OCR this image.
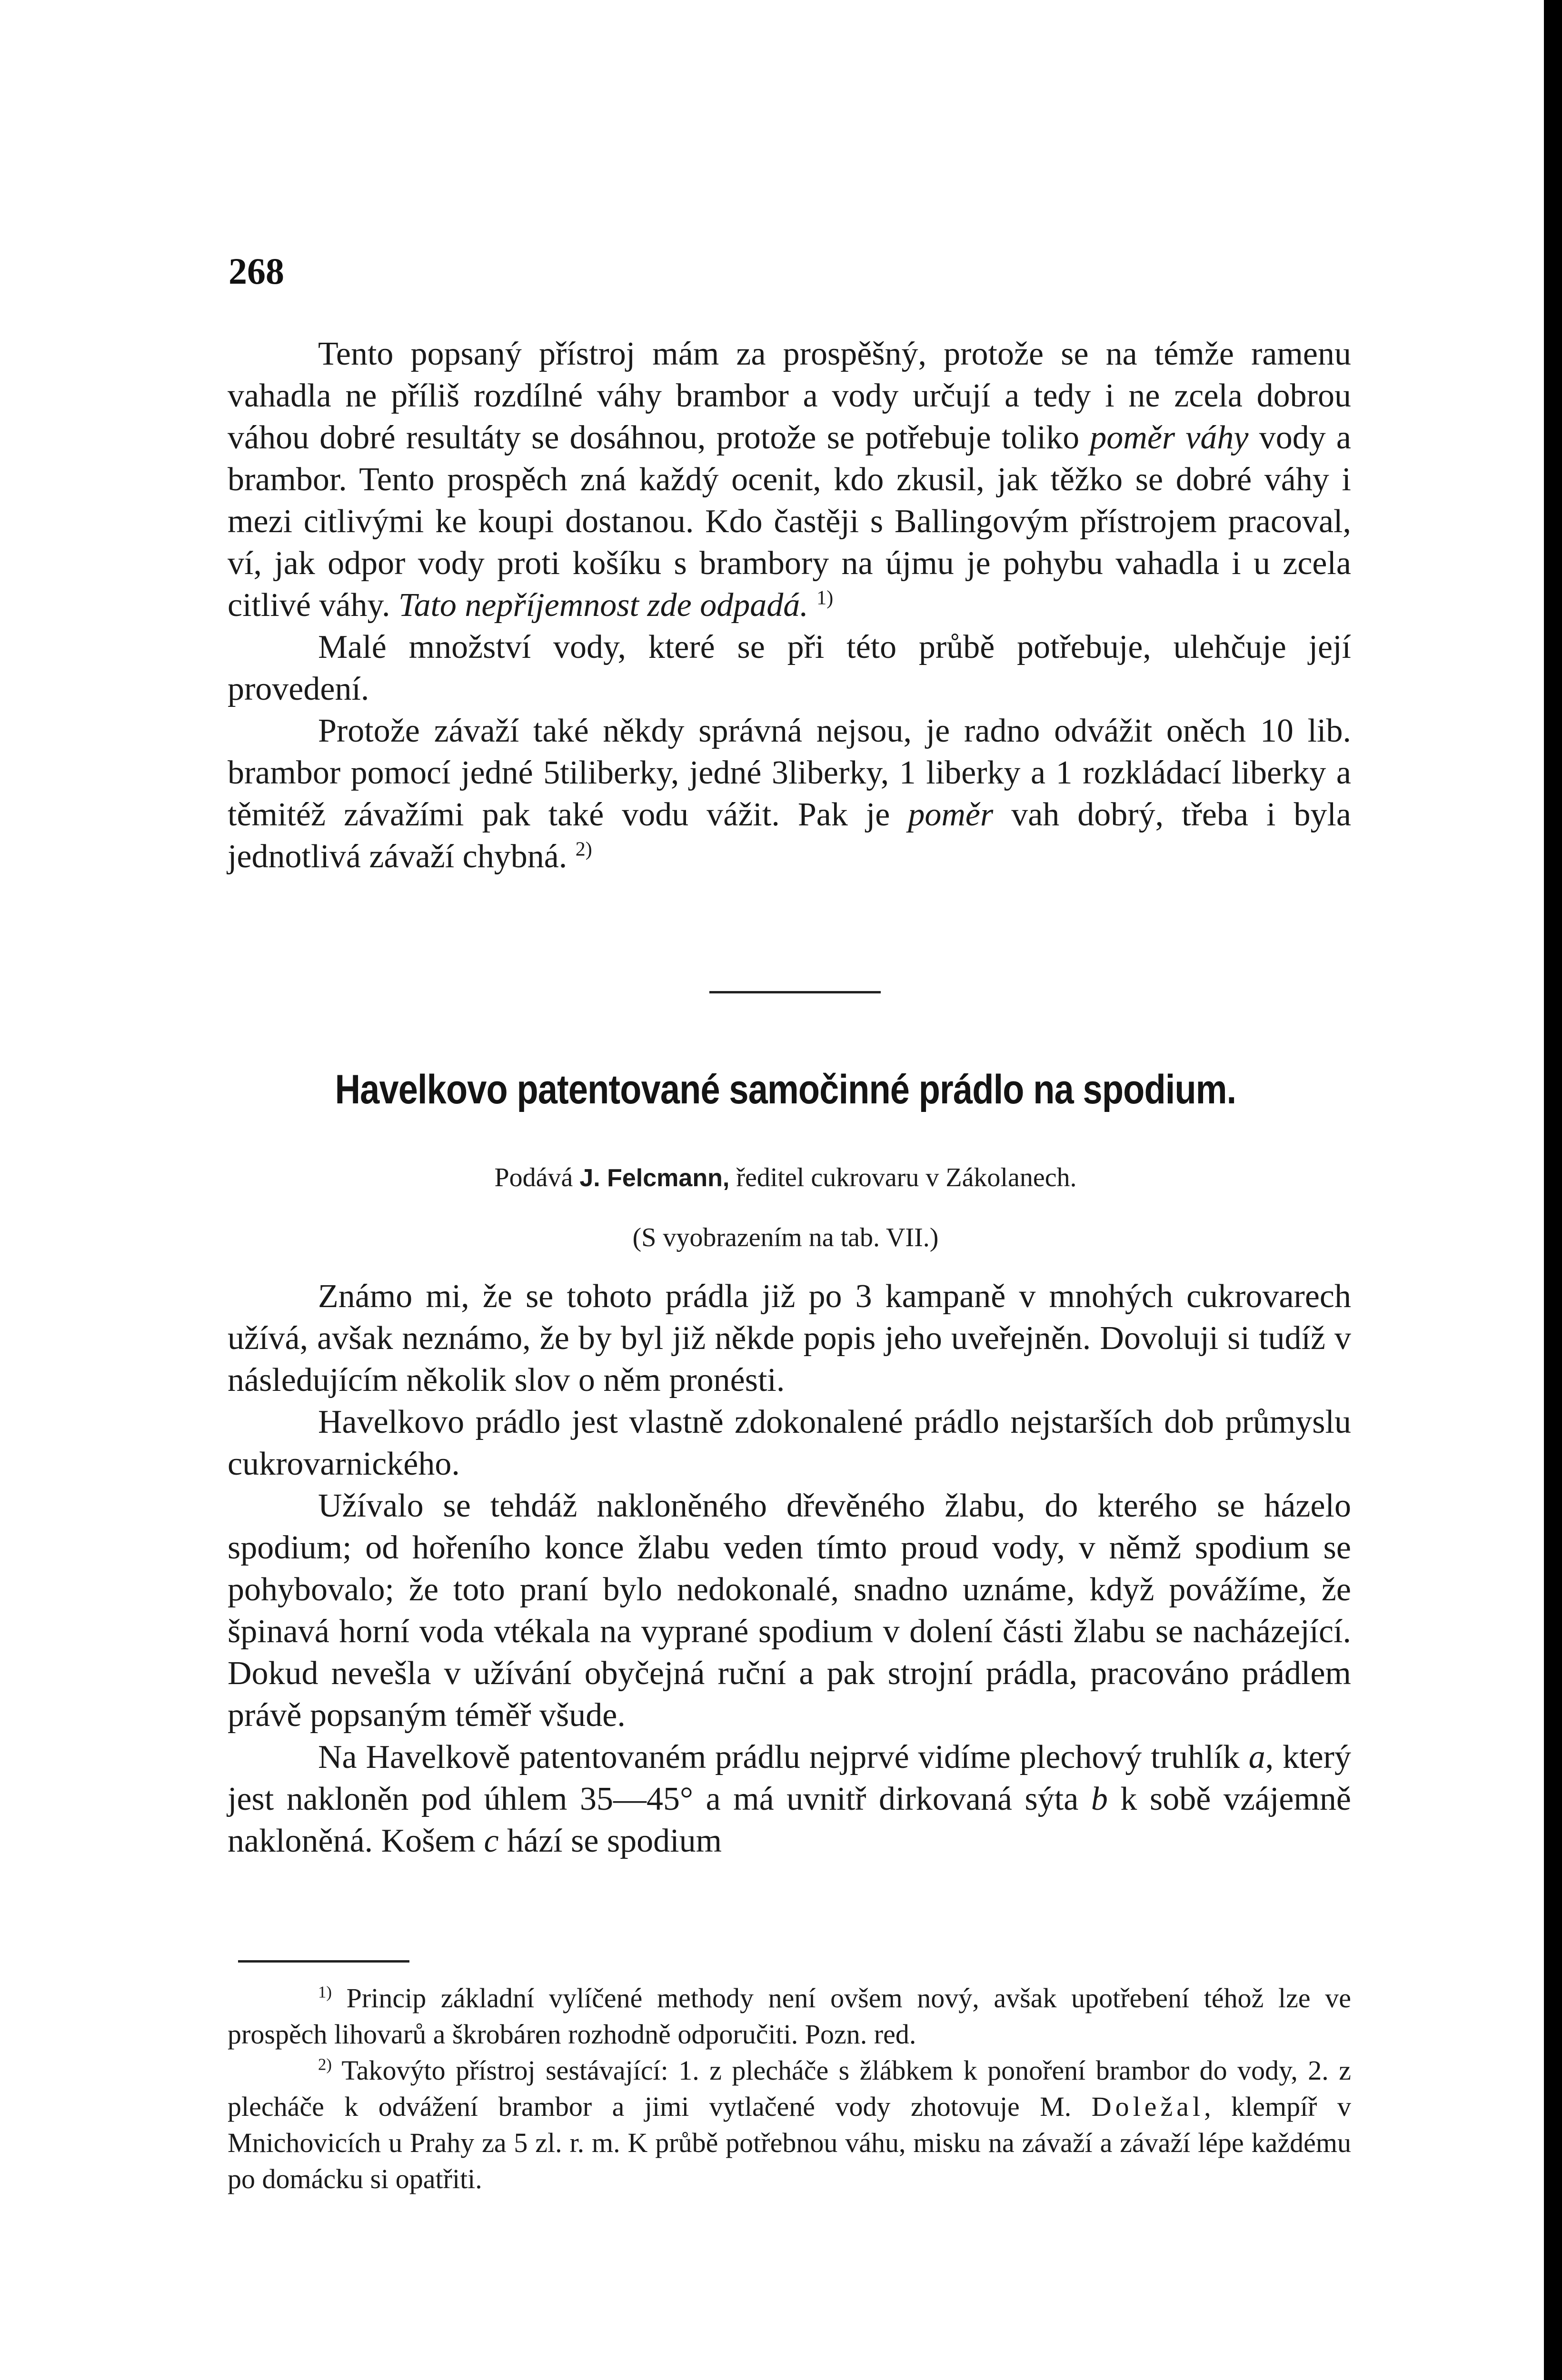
268

Tento popsaný přístroj mám za prospěšný, protože se na témže ramenu vahadla ne příliš rozdílné váhy brambor a vody určují a tedy i ne zcela dobrou váhou dobré resultáty se dosáhnou, protože se potřebuje toliko poměr váhy vody a brambor. Tento prospěch zná každý ocenit, kdo zkusil, jak těžko se dobré váhy i mezi citlivými ke koupi dostanou. Kdo častěji s Ballingovým přístrojem pracoval, ví, jak odpor vody proti košíku s brambory na újmu je pohybu vahadla i u zcela citlivé váhy. Tato nepříjemnost zde odpadá. $^{1)}$

Malé množství vody, které se při této průbě potřebuje, ulehčuje její provedení.

Protože závaží také někdy správná nejsou, je radno odvážit oněch 10 lib. brambor pomocí jedné 5tiliberky, jedné 3liberky, 1 liberky a 1 rozkládací liberky a těmitéž závažími pak také vodu vážit. Pak je poměr vah dobrý, třeba i byla jednotlivá závaží chybná. $^{2)}$

Havelkovo patentované samočinné prádlo na spodium.
Podává J. Felcmann, ředitel cukrovaru v Zákolanech.
(S vyobrazením na tab. VII.)

Známo mi, že se tohoto prádla již po 3 kampaně v mnohých cukrovarech užívá, avšak neznámo, že by byl již někde popis jeho uveřejněn. Dovoluji si tudíž v následujícím několik slov o něm pronésti.

Havelkovo prádlo jest vlastně zdokonalené prádlo nejstarších dob průmyslu cukrovarnického.

Užívalo se tehdáž nakloněného dřevěného žlabu, do kterého se házelo spodium; od hořeního konce žlabu veden tímto proud vody, v němž spodium se pohybovalo; že toto praní bylo nedokonalé, snadno uznáme, když povážíme, že špinavá horní voda vtékala na vyprané spodium v dolení části žlabu se nacházející. Dokud nevešla v užívání obyčejná ruční a pak strojní prádla, pracováno prádlem právě popsaným téměř všude.

Na Havelkově patentovaném prádlu nejprvé vidíme plechový truhlík a, který jest nakloněn pod úhlem 35—45° a má uvnitř dirkovaná sýta b k sobě vzájemně nakloněná. Košem c hází se spodium

$^{1)}$ Princip základní vylíčené methody není ovšem nový, avšak upotřebení téhož lze ve prospěch lihovarů a škrobáren rozhodně odporučiti. Pozn. red.

$^{2)}$ Takovýto přístroj sestávající: 1. z plecháče s žlábkem k ponoření brambor do vody, 2. z plecháče k odvážení brambor a jimi vytlačené vody zhotovuje M. Doležal, klempíř v Mnichovicích u Prahy za 5 zl. r. m. K průbě potřebnou váhu, misku na závaží a závaží lépe každému po domácku si opatřiti.
